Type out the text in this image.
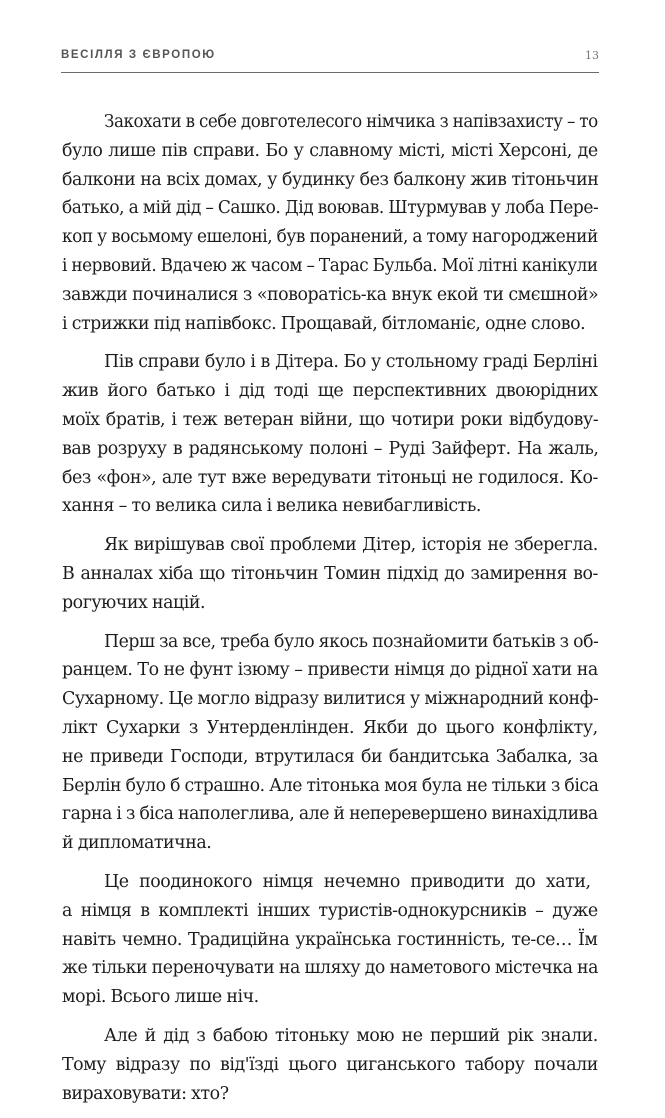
ВЕСІЛЛЯ З ЄВРОПОЮ	13
Закохати в себе довготелесого німчика з напівзахисту – то
було лише пів справи. Бо у славному місті, місті Херсоні, де
балкони на всіх домах, у будинку без балкону жив тітоньчин
батько, а мій дід – Сашко. Дід воював. Штурмував у лоба Пере-
коп у восьмому ешелоні, був поранений, а тому нагороджений
і нервовий. Вдачею ж часом – Тарас Бульба. Мої літні канікули
завжди починалися з «поворатісь-ка внук екой ти смєшной»
і стрижки під напівбокс. Прощавай, бітломаніє, одне слово.
Пів справи було і в Дітера. Бо у стольному граді Берліні
жив його батько і дід тоді ще перспективних двоюрідних
моїх братів, і теж ветеран війни, що чотири роки відбудову-
вав розруху в радянському полоні – Руді Зайферт. На жаль,
без «фон», але тут вже вередувати тітоньці не годилося. Ко-
хання – то велика сила і велика невибагливість.
Як вирішував свої проблеми Дітер, історія не зберегла.
В анналах хіба що тітоньчин Томин підхід до замирення во-
рогуючих націй.
Перш за все, треба було якось познайомити батьків з об-
ранцем. То не фунт ізюму – привести німця до рідної хати на
Сухарному. Це могло відразу вилитися у міжнародний конф-
лікт Сухарки з Унтерденлінден. Якби до цього конфлікту,
не приведи Господи, втрутилася би бандитська Забалка, за
Берлін було б страшно. Але тітонька моя була не тільки з біса
гарна і з біса наполеглива, але й неперевершено винахідлива
й дипломатична.
Це поодинокого німця нечемно приводити до хати,
а німця в комплекті інших туристів-однокурсників – дуже
навіть чемно. Традиційна українська гостинність, те-се… Їм
же тільки переночувати на шляху до наметового містечка на
морі. Всього лише ніч.
Але й дід з бабою тітоньку мою не перший рік знали.
Тому відразу по від'їзді цього циганського табору почали
вираховувати: хто?
